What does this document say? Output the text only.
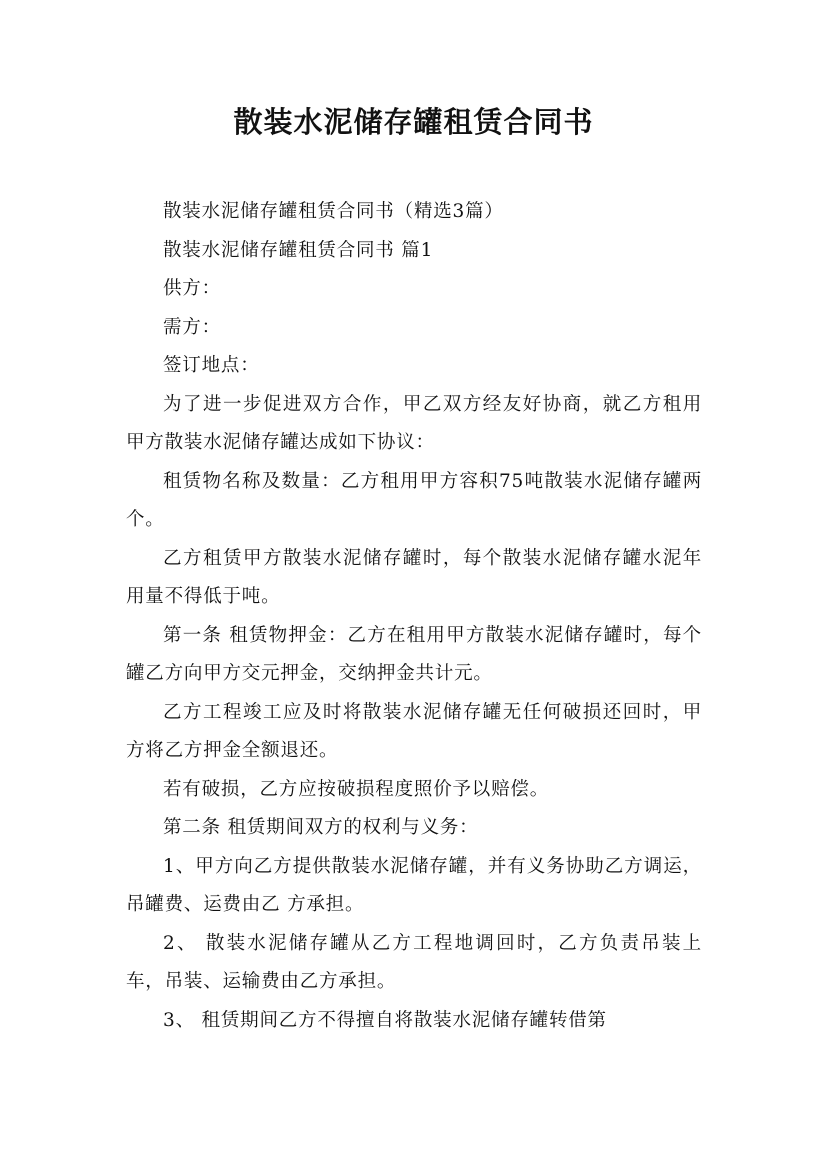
散装水泥储存罐租赁合同书

散装水泥储存罐租赁合同书（精选3篇）

散装水泥储存罐租赁合同书 篇1

供方：

需方：

签订地点：

为了进一步促进双方合作，甲乙双方经友好协商，就乙方租用甲方散装水泥储存罐达成如下协议：

租赁物名称及数量：乙方租用甲方容积75吨散装水泥储存罐两 个。

乙方租赁甲方散装水泥储存罐时，每个散装水泥储存罐水泥年用量不得低于吨。

第一条 租赁物押金：乙方在租用甲方散装水泥储存罐时，每个罐乙方向甲方交元押金，交纳押金共计元。

乙方工程竣工应及时将散装水泥储存罐无任何破损还回时，甲方将乙方押金全额退还。

若有破损，乙方应按破损程度照价予以赔偿。

第二条 租赁期间双方的权利与义务：

1、甲方向乙方提供散装水泥储存罐，并有义务协助乙方调运，吊罐费、运费由乙 方承担。

2、 散装水泥储存罐从乙方工程地调回时，乙方负责吊装上车，吊装、运输费由乙方承担。

3、 租赁期间乙方不得擅自将散装水泥储存罐转借第
